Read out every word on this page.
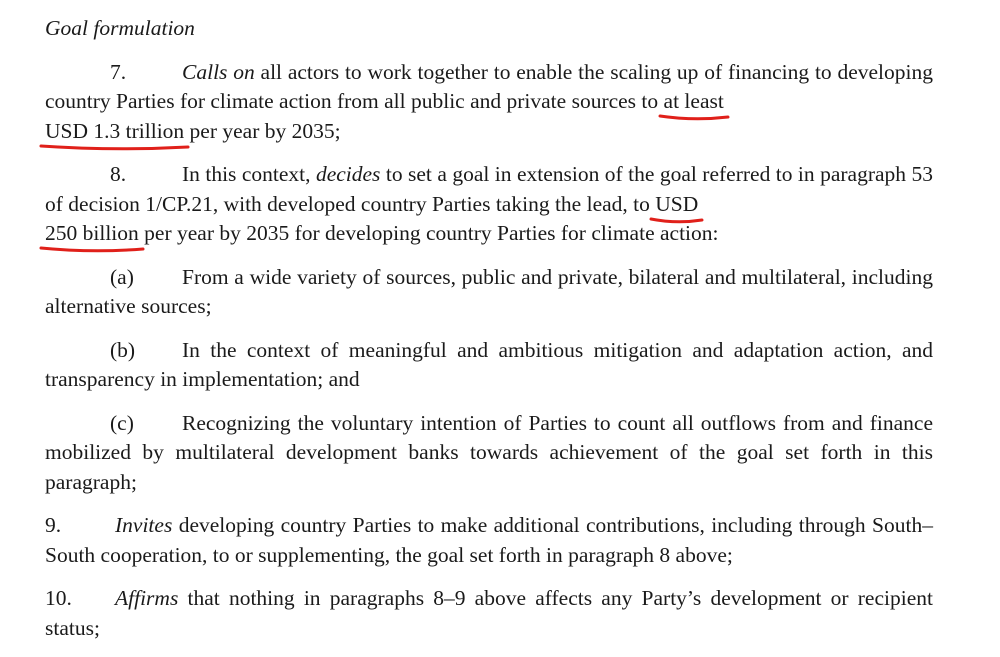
Goal formulation

7.	Calls on all actors to work together to enable the scaling up of financing to developing country Parties for climate action from all public and private sources to at least

USD 1.3 trillion
per year by 2035;

8.	In this context, decides to set a goal in extension of the goal referred to in paragraph 53 of decision 1/CP.21, with developed country Parties taking the lead, to USD

250 billion
per year by 2035 for developing country Parties for climate action:

(a) From a wide variety of sources, public and private, bilateral and multilateral, including alternative sources;

(b) In the context of meaningful and ambitious mitigation and adaptation action, and transparency in implementation; and

(c) Recognizing the voluntary intention of Parties to count all outflows from and finance mobilized by multilateral development banks towards achievement of the goal set forth in this paragraph;

9.	Invites developing country Parties to make additional contributions, including through South–South cooperation, to or supplementing, the goal set forth in paragraph 8 above;

10. Affirms that nothing in paragraphs 8–9 above affects any Party’s development or recipient status;
